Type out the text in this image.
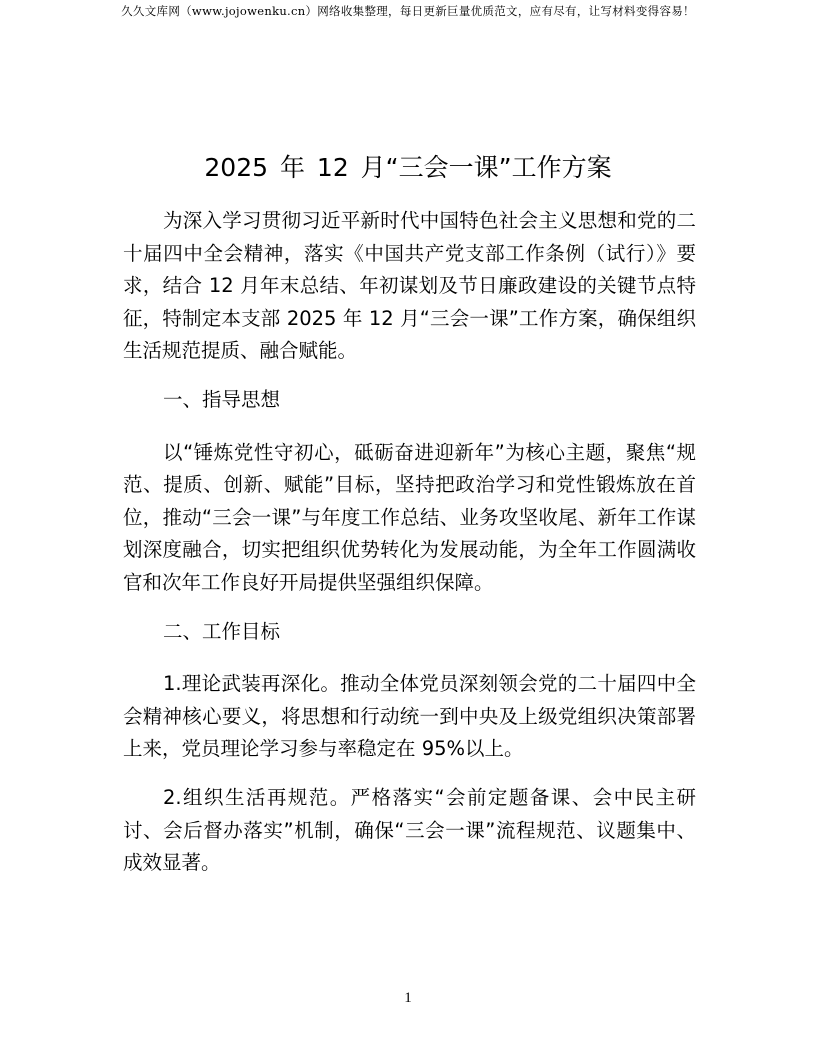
久久文库网（www.jojowenku.cn）网络收集整理，每日更新巨量优质范文，应有尽有，让写材料变得容易！
2025 年 12 月“三会一课”工作方案

为深入学习贯彻习近平新时代中国特色社会主义思想和党的二十届四中全会精神，落实《中国共产党支部工作条例（试行）》要求，结合 12 月年末总结、年初谋划及节日廉政建设的关键节点特征，特制定本支部 2025 年 12 月“三会一课”工作方案，确保组织生活规范提质、融合赋能。

一、指导思想

以“锤炼党性守初心，砥砺奋进迎新年”为核心主题，聚焦“规范、提质、创新、赋能”目标，坚持把政治学习和党性锻炼放在首位，推动“三会一课”与年度工作总结、业务攻坚收尾、新年工作谋划深度融合，切实把组织优势转化为发展动能，为全年工作圆满收官和次年工作良好开局提供坚强组织保障。

二、工作目标

1.理论武装再深化。推动全体党员深刻领会党的二十届四中全会精神核心要义，将思想和行动统一到中央及上级党组织决策部署上来，党员理论学习参与率稳定在 95%以上。

2.组织生活再规范。严格落实“会前定题备课、会中民主研讨、会后督办落实”机制，确保“三会一课”流程规范、议题集中、成效显著。

1
